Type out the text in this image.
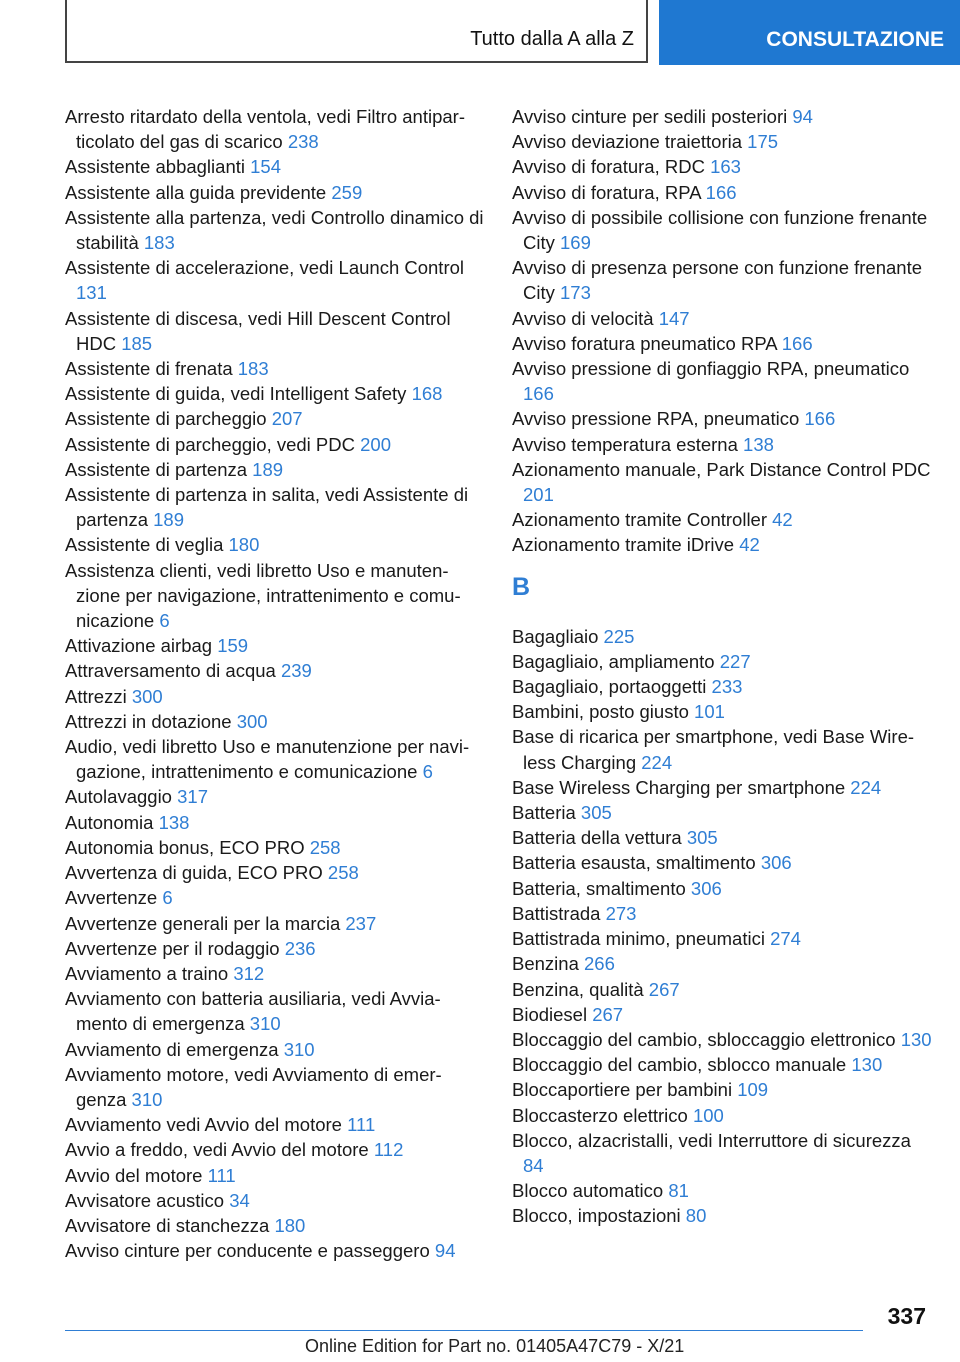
Tutto dalla A alla Z	CONSULTAZIONE
Arresto ritardato della ventola, vedi Filtro antiparticolato del gas di scarico 238
Assistente abbaglianti 154
Assistente alla guida previdente 259
Assistente alla partenza, vedi Controllo dinamico di stabilità 183
Assistente di accelerazione, vedi Launch Control 131
Assistente di discesa, vedi Hill Descent Control HDC 185
Assistente di frenata 183
Assistente di guida, vedi Intelligent Safety 168
Assistente di parcheggio 207
Assistente di parcheggio, vedi PDC 200
Assistente di partenza 189
Assistente di partenza in salita, vedi Assistente di partenza 189
Assistente di veglia 180
Assistenza clienti, vedi libretto Uso e manutenzione per navigazione, intrattenimento e comunicazione 6
Attivazione airbag 159
Attraversamento di acqua 239
Attrezzi 300
Attrezzi in dotazione 300
Audio, vedi libretto Uso e manutenzione per navigazione, intrattenimento e comunicazione 6
Autolavaggio 317
Autonomia 138
Autonomia bonus, ECO PRO 258
Avvertenza di guida, ECO PRO 258
Avvertenze 6
Avvertenze generali per la marcia 237
Avvertenze per il rodaggio 236
Avviamento a traino 312
Avviamento con batteria ausiliaria, vedi Avviamento di emergenza 310
Avviamento di emergenza 310
Avviamento motore, vedi Avviamento di emergenza 310
Avviamento vedi Avvio del motore 111
Avvio a freddo, vedi Avvio del motore 112
Avvio del motore 111
Avvisatore acustico 34
Avvisatore di stanchezza 180
Avviso cinture per conducente e passeggero 94
Avviso cinture per sedili posteriori 94
Avviso deviazione traiettoria 175
Avviso di foratura, RDC 163
Avviso di foratura, RPA 166
Avviso di possibile collisione con funzione frenante City 169
Avviso di presenza persone con funzione frenante City 173
Avviso di velocità 147
Avviso foratura pneumatico RPA 166
Avviso pressione di gonfiaggio RPA, pneumatico 166
Avviso pressione RPA, pneumatico 166
Avviso temperatura esterna 138
Azionamento manuale, Park Distance Control PDC 201
Azionamento tramite Controller 42
Azionamento tramite iDrive 42
B
Bagagliaio 225
Bagagliaio, ampliamento 227
Bagagliaio, portaoggetti 233
Bambini, posto giusto 101
Base di ricarica per smartphone, vedi Base Wireless Charging 224
Base Wireless Charging per smartphone 224
Batteria 305
Batteria della vettura 305
Batteria esausta, smaltimento 306
Batteria, smaltimento 306
Battistrada 273
Battistrada minimo, pneumatici 274
Benzina 266
Benzina, qualità 267
Biodiesel 267
Bloccaggio del cambio, sbloccaggio elettronico 130
Bloccaggio del cambio, sblocco manuale 130
Bloccaportiere per bambini 109
Bloccasterzo elettrico 100
Blocco, alzacristalli, vedi Interruttore di sicurezza 84
Blocco automatico 81
Blocco, impostazioni 80
337
Online Edition for Part no. 01405A47C79 - X/21
